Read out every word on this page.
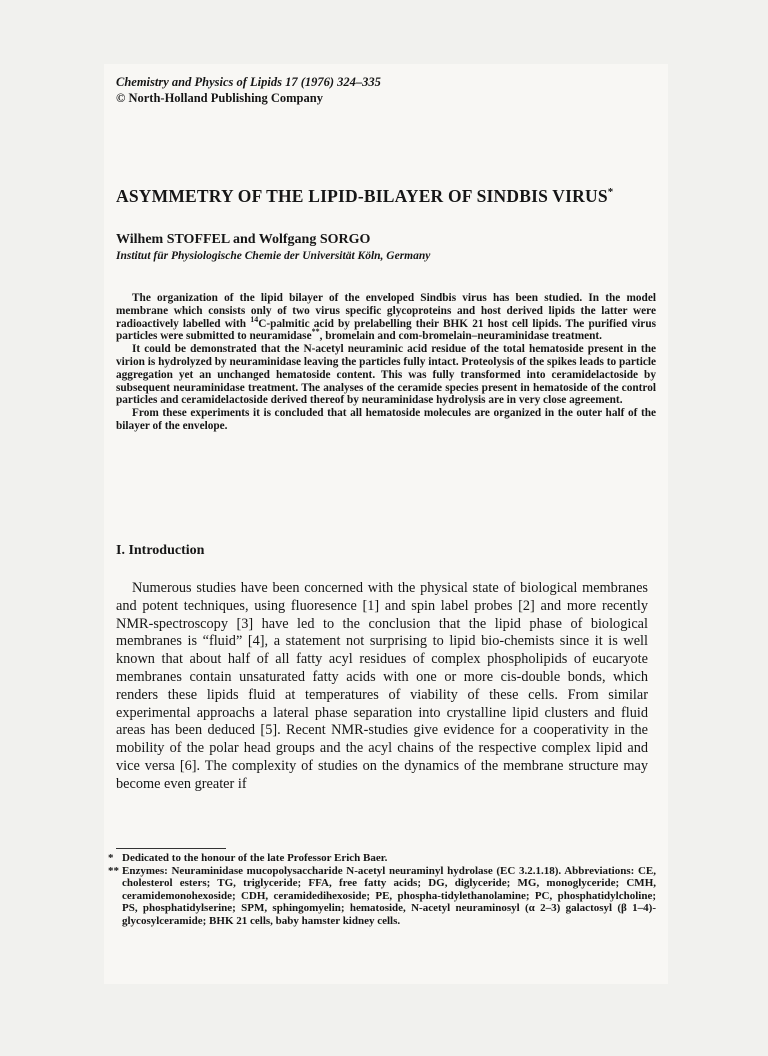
Chemistry and Physics of Lipids 17 (1976) 324–335
© North-Holland Publishing Company
ASYMMETRY OF THE LIPID-BILAYER OF SINDBIS VIRUS*
Wilhem STOFFEL and Wolfgang SORGO
Institut für Physiologische Chemie der Universität Köln, Germany

The organization of the lipid bilayer of the enveloped Sindbis virus has been studied. In the model membrane which consists only of two virus specific glycoproteins and host derived lipids the latter were radioactively labelled with $^{14}$C-palmitic acid by prelabelling their BHK 21 host cell lipids. The purified virus particles were submitted to neuramidase**, bromelain and com-bromelain–neuraminidase treatment.

It could be demonstrated that the N-acetyl neuraminic acid residue of the total hematoside present in the virion is hydrolyzed by neuraminidase leaving the particles fully intact. Proteolysis of the spikes leads to particle aggregation yet an unchanged hematoside content. This was fully transformed into ceramidelactoside by subsequent neuraminidase treatment. The analyses of the ceramide species present in hematoside of the control particles and ceramidelactoside derived thereof by neuraminidase hydrolysis are in very close agreement.

From these experiments it is concluded that all hematoside molecules are organized in the outer half of the bilayer of the envelope.

I. Introduction

Numerous studies have been concerned with the physical state of biological membranes and potent techniques, using fluoresence [1] and spin label probes [2] and more recently NMR-spectroscopy [3] have led to the conclusion that the lipid phase of biological membranes is “fluid” [4], a statement not surprising to lipid bio-chemists since it is well known that about half of all fatty acyl residues of complex phospholipids of eucaryote membranes contain unsaturated fatty acids with one or more cis-double bonds, which renders these lipids fluid at temperatures of viability of these cells. From similar experimental approachs a lateral phase separation into crystalline lipid clusters and fluid areas has been deduced [5]. Recent NMR-studies give evidence for a cooperativity in the mobility of the polar head groups and the acyl chains of the respective complex lipid and vice versa [6]. The complexity of studies on the dynamics of the membrane structure may become even greater if

* Dedicated to the honour of the late Professor Erich Baer.
** Enzymes: Neuraminidase mucopolysaccharide N-acetyl neuraminyl hydrolase (EC 3.2.1.18). Abbreviations: CE, cholesterol esters; TG, triglyceride; FFA, free fatty acids; DG, diglyceride; MG, monoglyceride; CMH, ceramidemonohexoside; CDH, ceramidedihexoside; PE, phospha-tidylethanolamine; PC, phosphatidylcholine; PS, phosphatidylserine; SPM, sphingomyelin; hematoside, N-acetyl neuraminosyl (α 2–3) galactosyl (β 1–4)-glycosylceramide; BHK 21 cells, baby hamster kidney cells.
